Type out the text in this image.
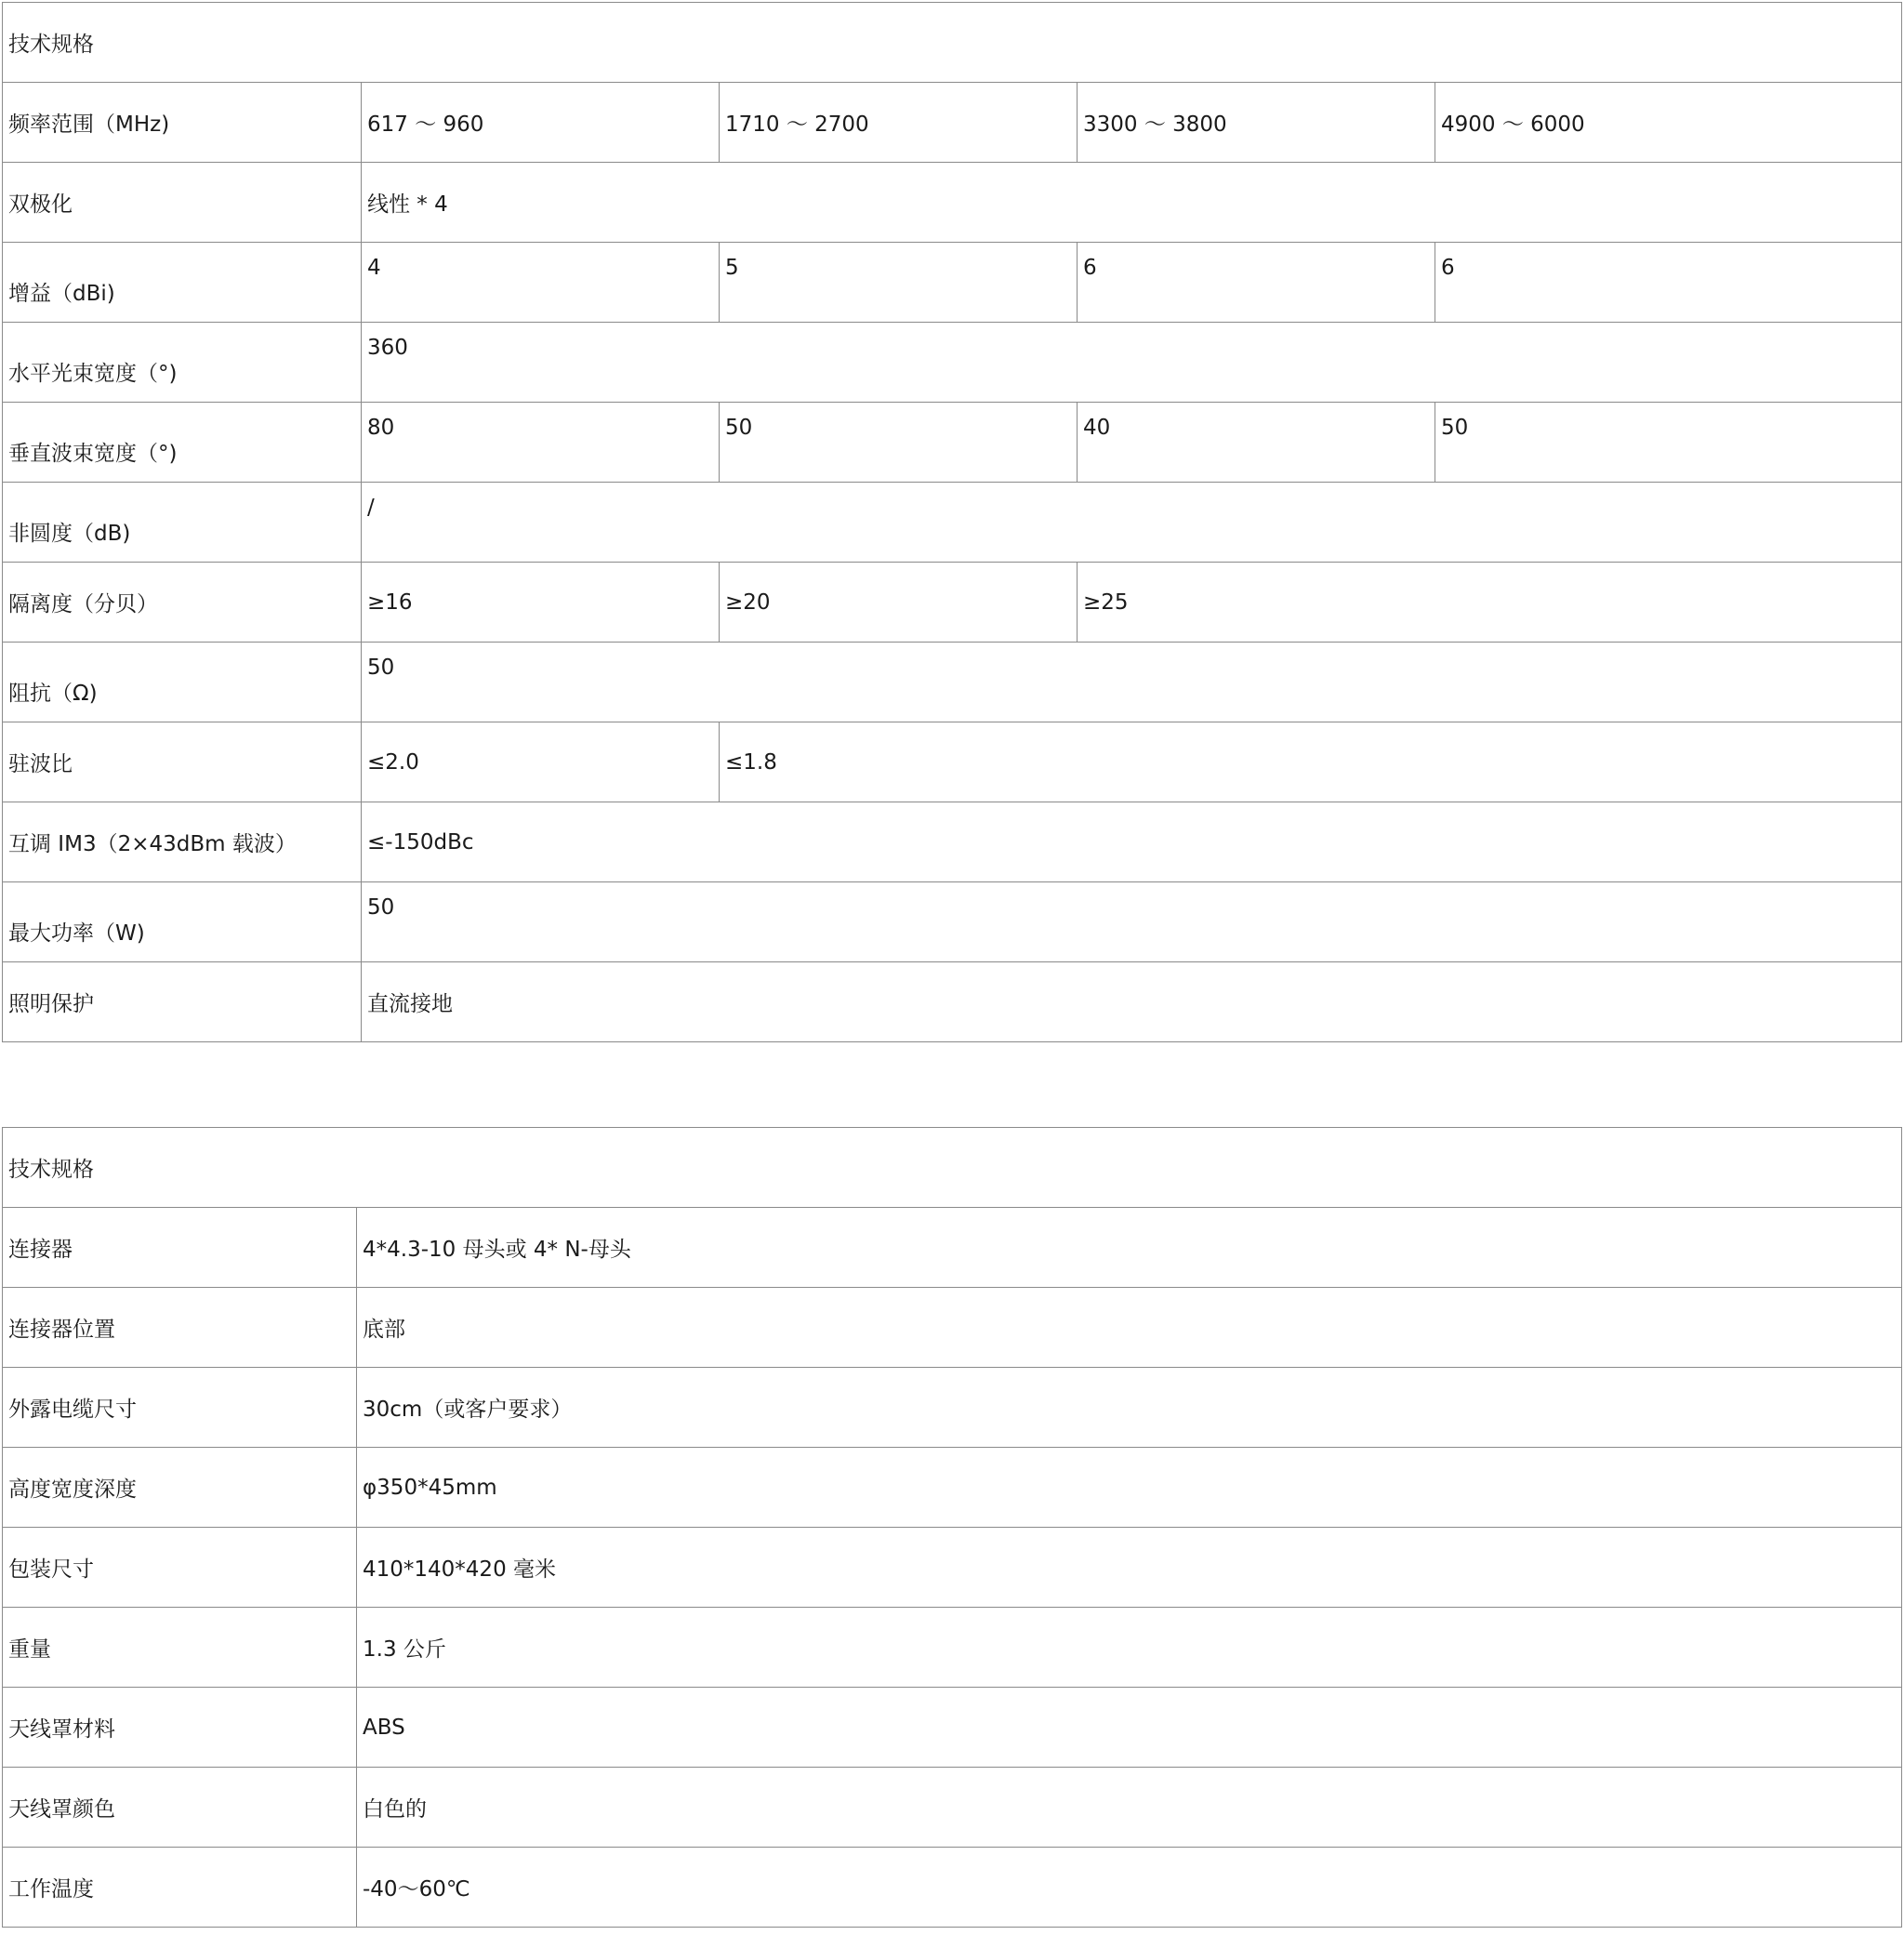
技术规格				
频率范围（MHz)	617 ～ 960	1710 ～ 2700	3300 ～ 3800	4900 ～ 6000
双极化	线性 * 4			
增益（dBi)	4	5	6	6
水平光束宽度（°)	360			
垂直波束宽度（°)	80	50	40	50
非圆度（dB)	/			
隔离度（分贝）	≥16	≥20	≥25	
阻抗（Ω)	50			
驻波比	≤2.0	≤1.8		
互调 IM3（2×43dBm 载波）	≤-150dBc			
最大功率（W)	50			
照明保护	直流接地			
技术规格	
连接器	4*4.3-10 母头或 4* N-母头
连接器位置	底部
外露电缆尺寸	30cm（或客户要求）
高度宽度深度	φ350*45mm
包装尺寸	410*140*420 毫米
重量	1.3 公斤
天线罩材料	ABS
天线罩颜色	白色的
工作温度	-40～60℃
